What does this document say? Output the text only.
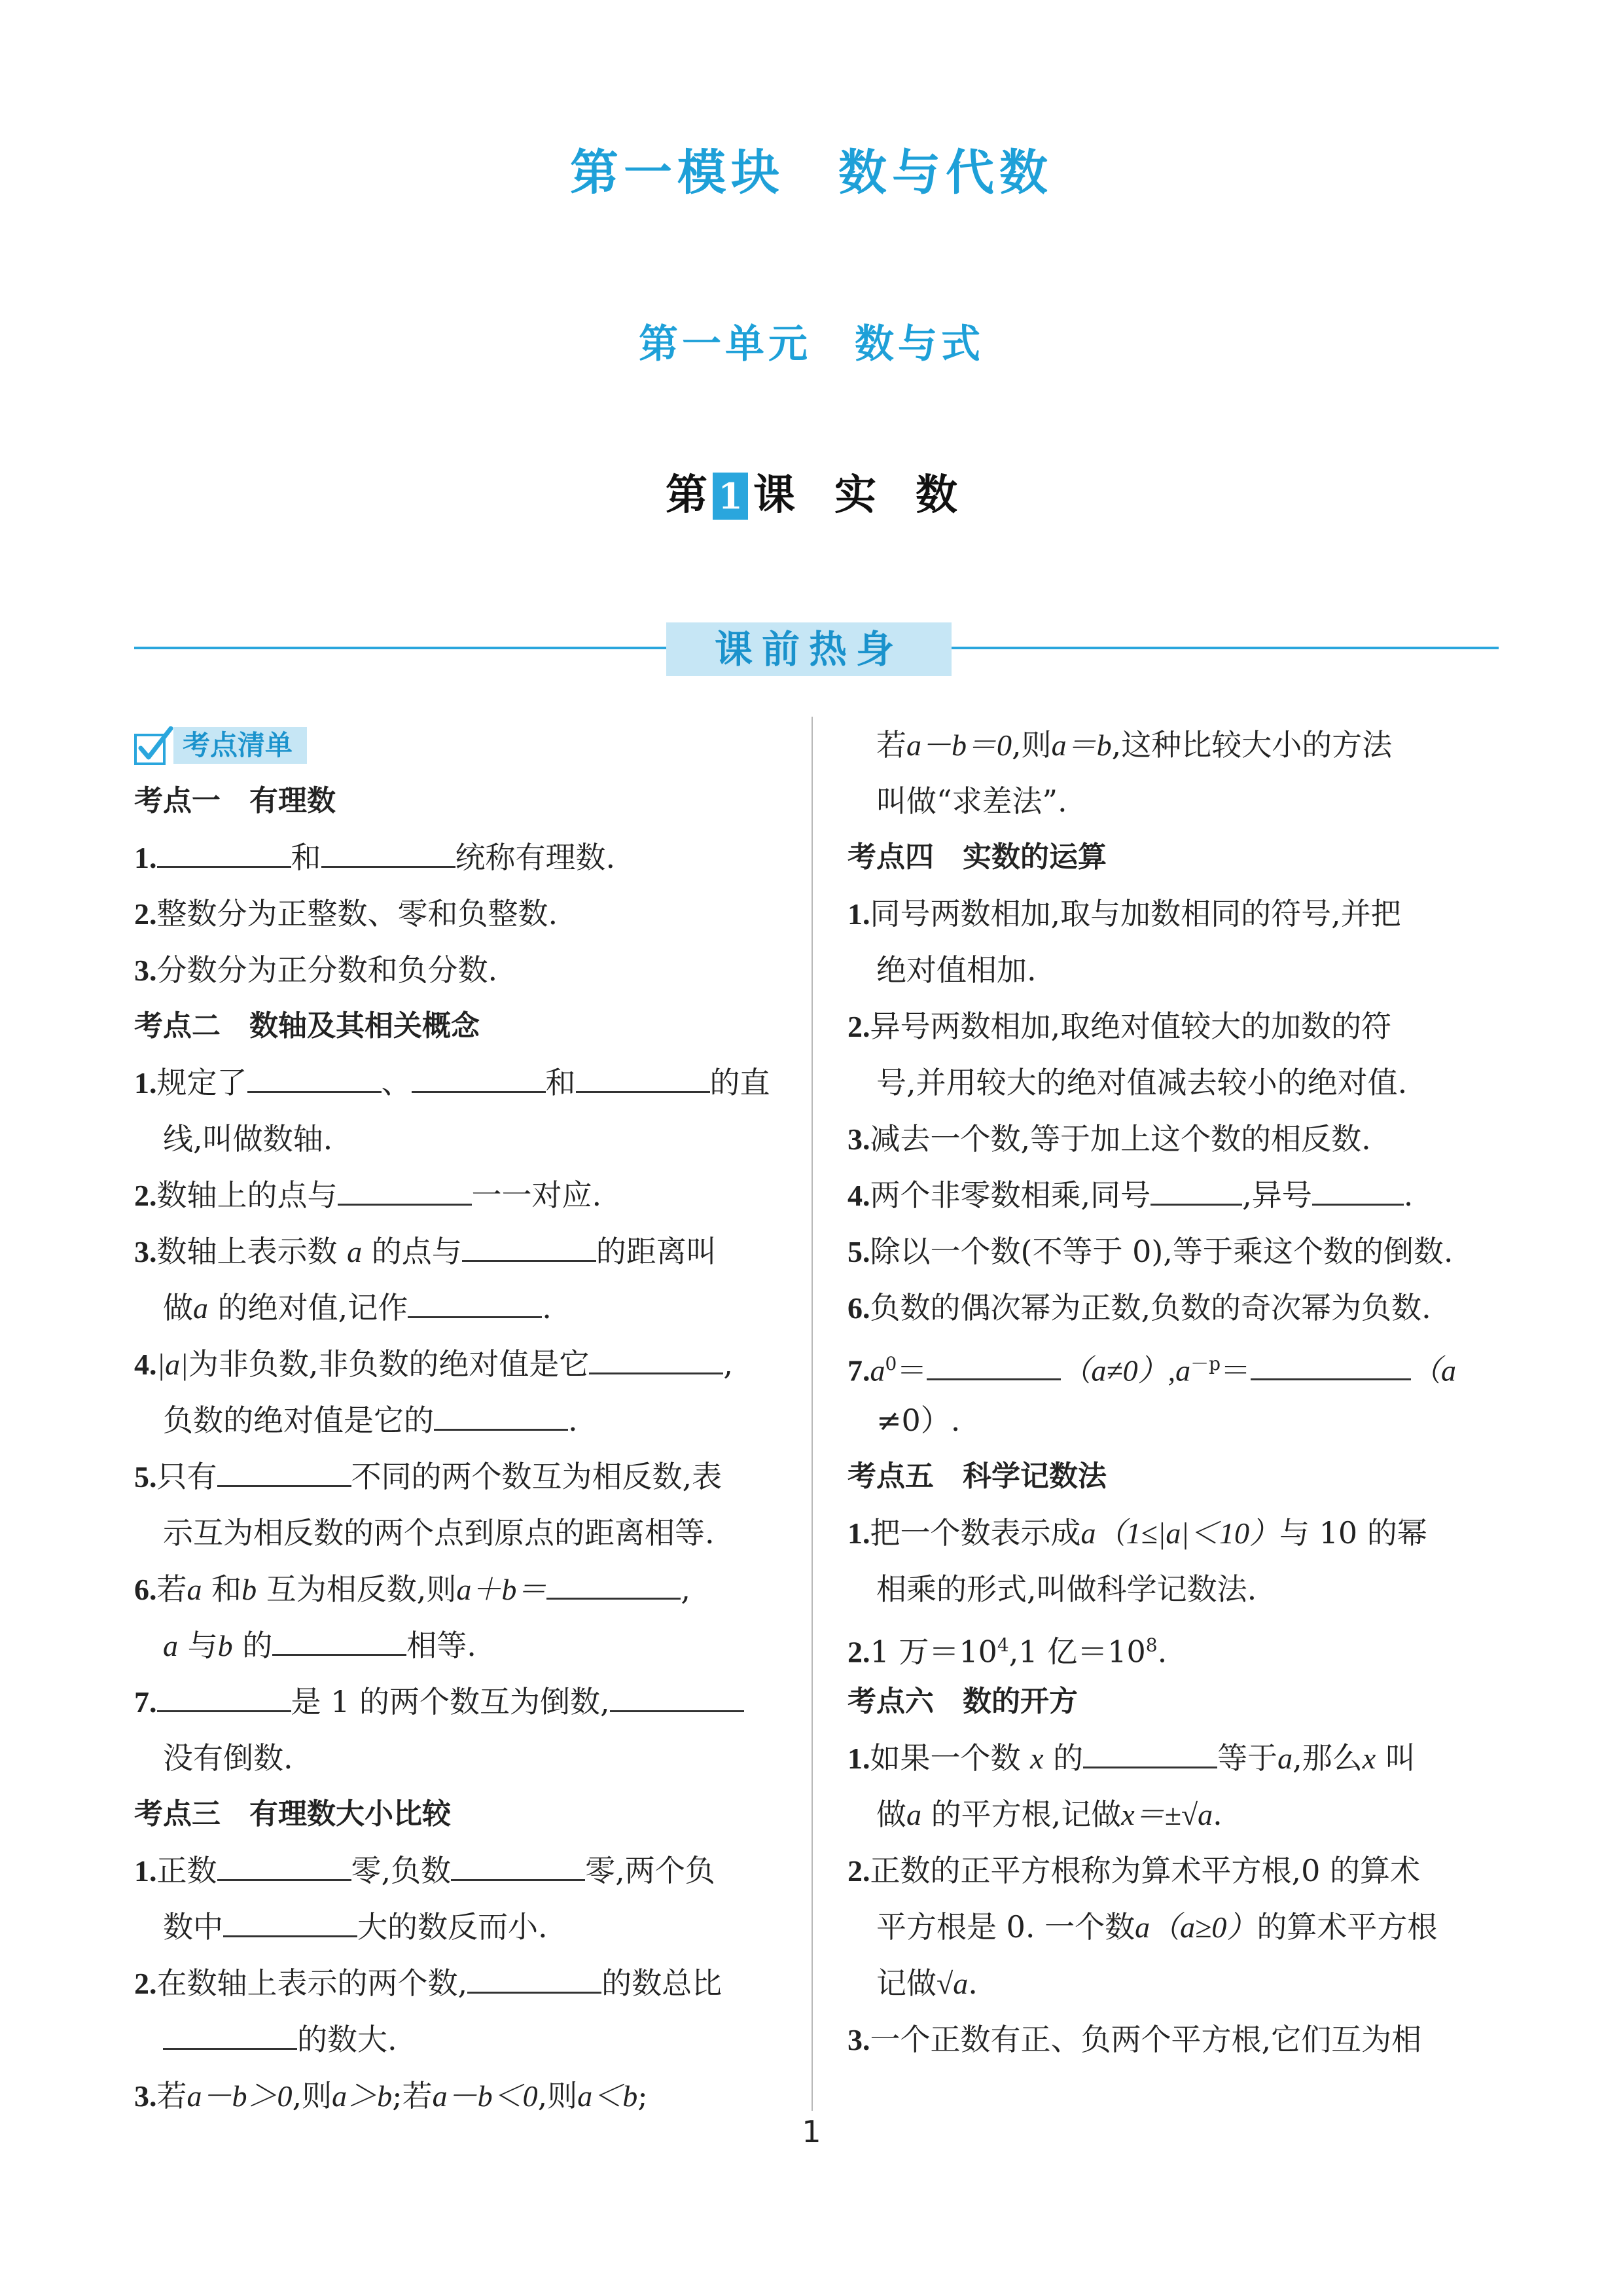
第一模块　数与代数
第一单元　数与式
第 1 课 实 数
课前热身
考点清单
考点一　有理数
1.	和	统称有理数.
2.整数分为正整数、零和负整数.
3.分数分为正分数和负分数.
考点二　数轴及其相关概念
1.规定了	、	和	的直
线,叫做数轴.
2.数轴上的点与	一一对应.
3.数轴上表示数 a 的点与	的距离叫
做a 的绝对值,记作	.
4.|a|为非负数,非负数的绝对值是它	,
负数的绝对值是它的	.
5.只有	不同的两个数互为相反数,表
示互为相反数的两个点到原点的距离相等.
6.若a 和b 互为相反数,则a＋b＝	,
a 与b 的	相等.
7.	是 1 的两个数互为倒数,
没有倒数.
考点三　有理数大小比较
1.正数	零,负数	零,两个负
数中	大的数反而小.
2.在数轴上表示的两个数,	的数总比
的数大.
3.若a－b＞0,则a＞b;若a－b＜0,则a＜b;
若a－b＝0,则a＝b,这种比较大小的方法
叫做“求差法”.
考点四　实数的运算
1.同号两数相加,取与加数相同的符号,并把
绝对值相加.
2.异号两数相加,取绝对值较大的加数的符
号,并用较大的绝对值减去较小的绝对值.
3.减去一个数,等于加上这个数的相反数.
4.两个非零数相乘,同号	,异号	.
5.除以一个数(不等于 0),等于乘这个数的倒数.
6.负数的偶次幂为正数,负数的奇次幂为负数.
$7.a^0=$	$(a\ne 0),a^{-p}=$	（a
≠0）.
考点五　科学记数法
1.把一个数表示成a（1≤|a|＜10）与 10 的幂
相乘的形式,叫做科学记数法.
2.1 万$=10^4,1$ 亿$=10^8$.
考点六　数的开方
1.如果一个数 x 的	等于a,那么x 叫
做a 的平方根,记做x＝±√a.
2.正数的正平方根称为算术平方根,0 的算术
平方根是 0. 一个数a（a≥0）的算术平方根
记做√a.
3.一个正数有正、负两个平方根,它们互为相
1
